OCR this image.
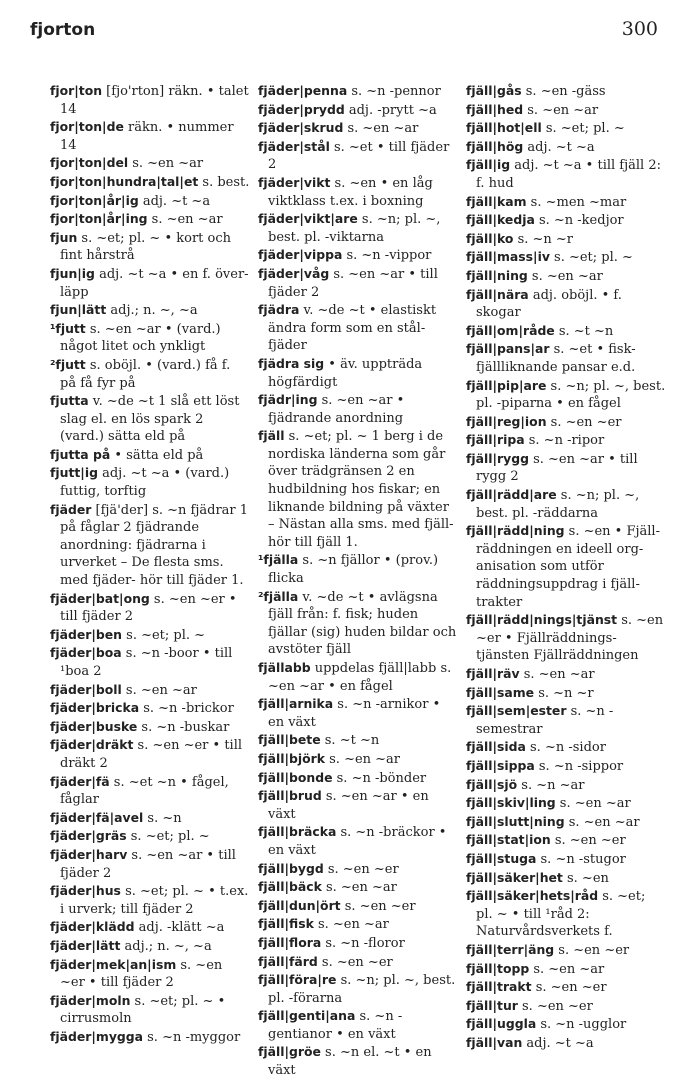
fjorton	300
fjor|ton [fjo'rton] räkn. • talet 14
fjor|ton|de räkn. • nummer 14
fjor|ton|del s. ~en ~ar
fjor|ton|hundra|tal|et s. best.
fjor|ton|år|ig adj. ~t ~a
fjor|ton|år|ing s. ~en ~ar
fjun s. ~et; pl. ~ • kort och fint hårstrå
fjun|ig adj. ~t ~a • en f. över-läpp
fjun|lätt adj.; n. ~, ~a
¹fjutt s. ~en ~ar • (vard.) något litet och ynkligt
²fjutt s. oböjl. • (vard.) få f. på få fyr på
fjutta v. ~de ~t 1 slå ett löst slag el. en lös spark 2 (vard.) sätta eld på
fjutta på • sätta eld på
fjutt|ig adj. ~t ~a • (vard.) futtig, torftig
fjäder [fjä'der] s. ~n fjädrar 1 på fåglar 2 fjädrande anordning: fjädrarna i urverket – De flesta sms. med fjäder- hör till fjäder 1.
fjäder|bat|ong s. ~en ~er • till fjäder 2
fjäder|ben s. ~et; pl. ~
fjäder|boa s. ~n -boor • till ¹boa 2
fjäder|boll s. ~en ~ar
fjäder|bricka s. ~n -brickor
fjäder|buske s. ~n -buskar
fjäder|dräkt s. ~en ~er • till dräkt 2
fjäder|fä s. ~et ~n • fågel, fåglar
fjäder|fä|avel s. ~n
fjäder|gräs s. ~et; pl. ~
fjäder|harv s. ~en ~ar • till fjäder 2
fjäder|hus s. ~et; pl. ~ • t.ex. i urverk; till fjäder 2
fjäder|klädd adj. -klätt ~a
fjäder|lätt adj.; n. ~, ~a
fjäder|mek|an|ism s. ~en ~er • till fjäder 2
fjäder|moln s. ~et; pl. ~ • cirrusmoln
fjäder|mygga s. ~n -myggor
fjäder|penna s. ~n -pennor
fjäder|prydd adj. -prytt ~a
fjäder|skrud s. ~en ~ar
fjäder|stål s. ~et • till fjäder 2
fjäder|vikt s. ~en • en låg viktklass t.ex. i boxning
fjäder|vikt|are s. ~n; pl. ~, best. pl. -viktarna
fjäder|vippa s. ~n -vippor
fjäder|våg s. ~en ~ar • till fjäder 2
fjädra v. ~de ~t • elastiskt ändra form som en stål-fjäder
fjädra sig • äv. uppträda högfärdigt
fjädr|ing s. ~en ~ar • fjädrande anordning
fjäll s. ~et; pl. ~ 1 berg i de nordiska länderna som går över trädgränsen 2 en hudbildning hos fiskar; en liknande bildning på växter – Nästan alla sms. med fjäll- hör till fjäll 1.
¹fjälla s. ~n fjällor • (prov.) flicka
²fjälla v. ~de ~t • avlägsna fjäll från: f. fisk; huden fjällar (sig) huden bildar och avstöter fjäll
fjällabb uppdelas fjäll|labb s. ~en ~ar • en fågel
fjäll|arnika s. ~n -arnikor • en växt
fjäll|bete s. ~t ~n
fjäll|björk s. ~en ~ar
fjäll|bonde s. ~n -bönder
fjäll|brud s. ~en ~ar • en växt
fjäll|bräcka s. ~n -bräckor • en växt
fjäll|bygd s. ~en ~er
fjäll|bäck s. ~en ~ar
fjäll|dun|ört s. ~en ~er
fjäll|fisk s. ~en ~ar
fjäll|flora s. ~n -floror
fjäll|färd s. ~en ~er
fjäll|föra|re s. ~n; pl. ~, best. pl. -förarna
fjäll|genti|ana s. ~n -gentianor • en växt
fjäll|gröe s. ~n el. ~t • en växt
fjäll|gås s. ~en -gäss
fjäll|hed s. ~en ~ar
fjäll|hot|ell s. ~et; pl. ~
fjäll|hög adj. ~t ~a
fjäll|ig adj. ~t ~a • till fjäll 2: f. hud
fjäll|kam s. ~men ~mar
fjäll|kedja s. ~n -kedjor
fjäll|ko s. ~n ~r
fjäll|mass|iv s. ~et; pl. ~
fjäll|ning s. ~en ~ar
fjäll|nära adj. oböjl. • f. skogar
fjäll|om|råde s. ~t ~n
fjäll|pans|ar s. ~et • fisk-fjällliknande pansar e.d.
fjäll|pip|are s. ~n; pl. ~, best. pl. -piparna • en fågel
fjäll|reg|ion s. ~en ~er
fjäll|ripa s. ~n -ripor
fjäll|rygg s. ~en ~ar • till rygg 2
fjäll|rädd|are s. ~n; pl. ~, best. pl. -räddarna
fjäll|rädd|ning s. ~en • Fjäll-räddningen en ideell org-anisation som utför räddningsuppdrag i fjäll-trakter
fjäll|rädd|nings|tjänst s. ~en ~er • Fjällräddnings-tjänsten Fjällräddningen
fjäll|räv s. ~en ~ar
fjäll|same s. ~n ~r
fjäll|sem|ester s. ~n -semestrar
fjäll|sida s. ~n -sidor
fjäll|sippa s. ~n -sippor
fjäll|sjö s. ~n ~ar
fjäll|skiv|ling s. ~en ~ar
fjäll|slutt|ning s. ~en ~ar
fjäll|stat|ion s. ~en ~er
fjäll|stuga s. ~n -stugor
fjäll|säker|het s. ~en
fjäll|säker|hets|råd s. ~et; pl. ~ • till ¹råd 2: Naturvårdsverkets f.
fjäll|terr|äng s. ~en ~er
fjäll|topp s. ~en ~ar
fjäll|trakt s. ~en ~er
fjäll|tur s. ~en ~er
fjäll|uggla s. ~n -ugglor
fjäll|van adj. ~t ~a
